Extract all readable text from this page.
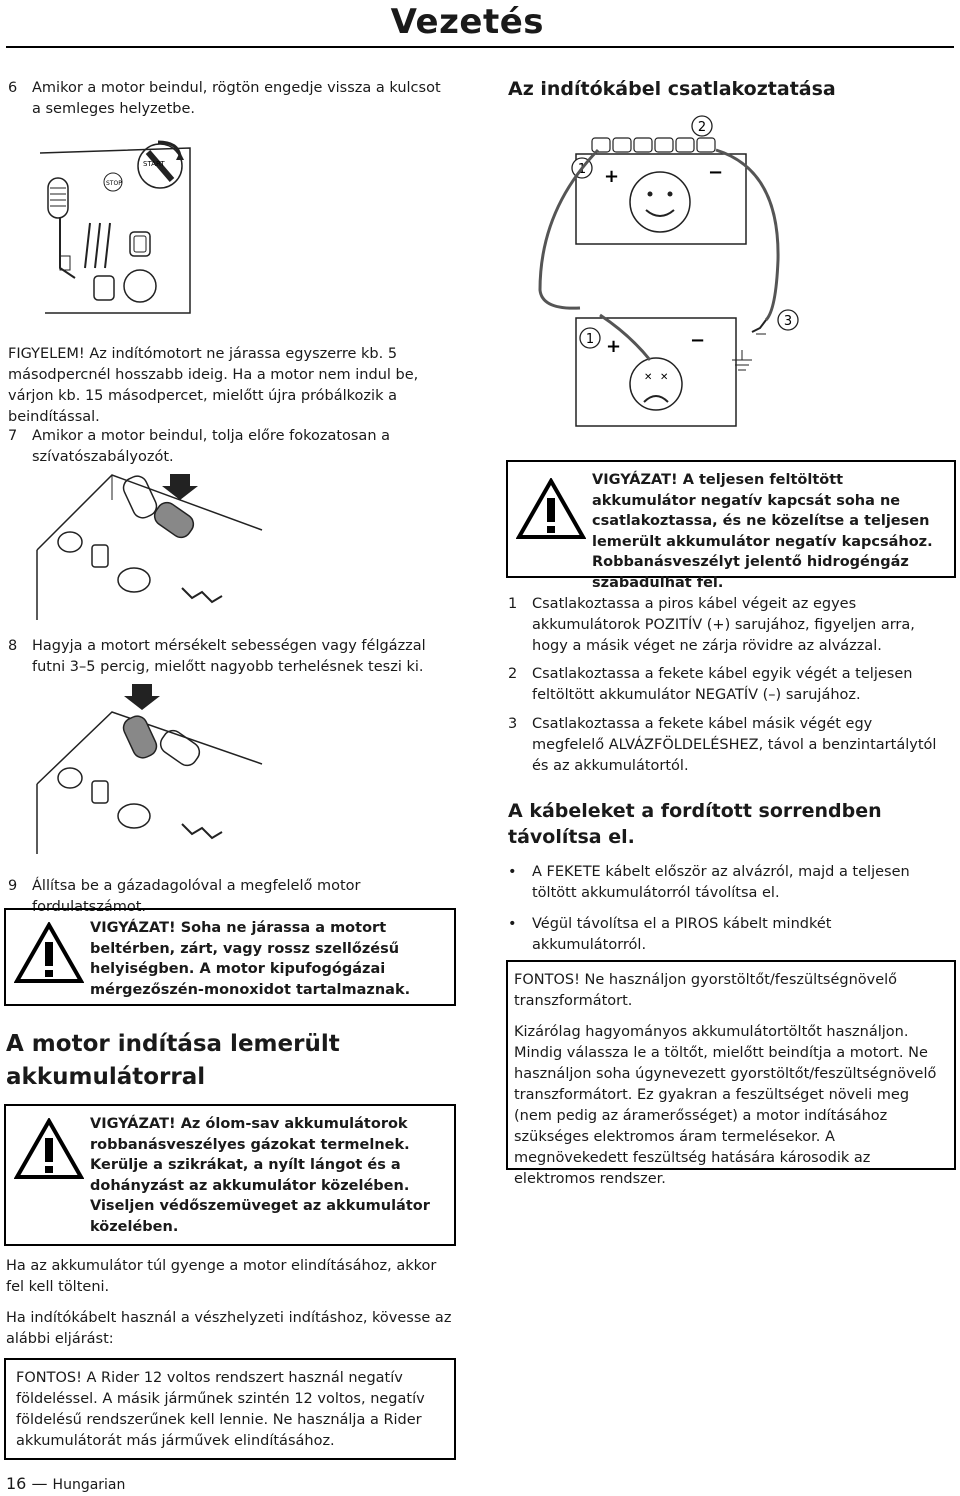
Vezetés
6	Amikor a motor beindul, rögtön engedje vissza a kulcsot a semleges helyzetbe.
STOP
START
FIGYELEM! Az indítómotort ne járassa egyszerre kb. 5 másodpercnél hosszabb ideig. Ha a motor nem indul be, várjon kb. 15 másodpercet, mielőtt újra próbálkozik a beindítással.
7	Amikor a motor beindul, tolja előre fokozatosan a szívatószabályozót.
8	Hagyja a motort mérsékelt sebességen vagy félgázzal futni 3–5 percig, mielőtt nagyobb terhelésnek teszi ki.
9	Állítsa be a gázadagolóval a megfelelő motor fordulatszámot.
VIGYÁZAT! Soha ne járassa a motort beltérben, zárt, vagy rossz szellőzésű helyiségben. A motor kipufogógázai mérgezőszén-monoxidot tartalmaznak.
A motor indítása lemerült akkumulátorral
VIGYÁZAT! Az ólom-sav akkumulátorok robbanásveszélyes gázokat termelnek. Kerülje a szikrákat, a nyílt lángot és a dohányzást az akkumulátor közelében. Viseljen védőszemüveget az akkumulátor közelében.
Ha az akkumulátor túl gyenge a motor elindításához, akkor fel kell tölteni.
Ha indítókábelt használ a vészhelyzeti indításhoz, kövesse az alábbi eljárást:
FONTOS! A Rider 12 voltos rendszert használ negatív földeléssel. A másik járműnek szintén 12 voltos, negatív földelésű rendszerűnek kell lennie. Ne használja a Rider akkumulátorát más járművek elindításához.
16 — Hungarian
Az indítókábel csatlakoztatása
+	−
1
2
✕ ✕
+	−
1
3
VIGYÁZAT! A teljesen feltöltött akkumulátor negatív kapcsát soha ne csatlakoztassa, és ne közelítse a teljesen lemerült akkumulátor negatív kapcsához. Robbanásveszélyt jelentő hidrogéngáz szabadulhat fel.
1	Csatlakoztassa a piros kábel végeit az egyes akkumulátorok POZITÍV (+) sarujához, figyeljen arra, hogy a másik véget ne zárja rövidre az alvázzal.
2	Csatlakoztassa a fekete kábel egyik végét a teljesen feltöltött akkumulátor NEGATÍV (–) sarujához.
3	Csatlakoztassa a fekete kábel másik végét egy megfelelő ALVÁZFÖLDELÉSHEZ, távol a benzintartálytól és az akkumulátortól.
A kábeleket a fordított sorrendben távolítsa el.
•	A FEKETE kábelt először az alvázról, majd a teljesen töltött akkumulátorról távolítsa el.
•	Végül távolítsa el a PIROS kábelt mindkét akkumulátorról.
FONTOS! Ne használjon gyorstöltőt/feszültségnövelő transzformátort.
Kizárólag hagyományos akkumulátortöltőt használjon. Mindig válassza le a töltőt, mielőtt beindítja a motort. Ne használjon soha úgynevezett gyorstöltőt/feszültségnövelő transzformátort. Ez gyakran a feszültséget növeli meg (nem pedig az áramerősséget) a motor indításához szükséges elektromos áram termelésekor. A megnövekedett feszültség hatására károsodik az elektromos rendszer.
